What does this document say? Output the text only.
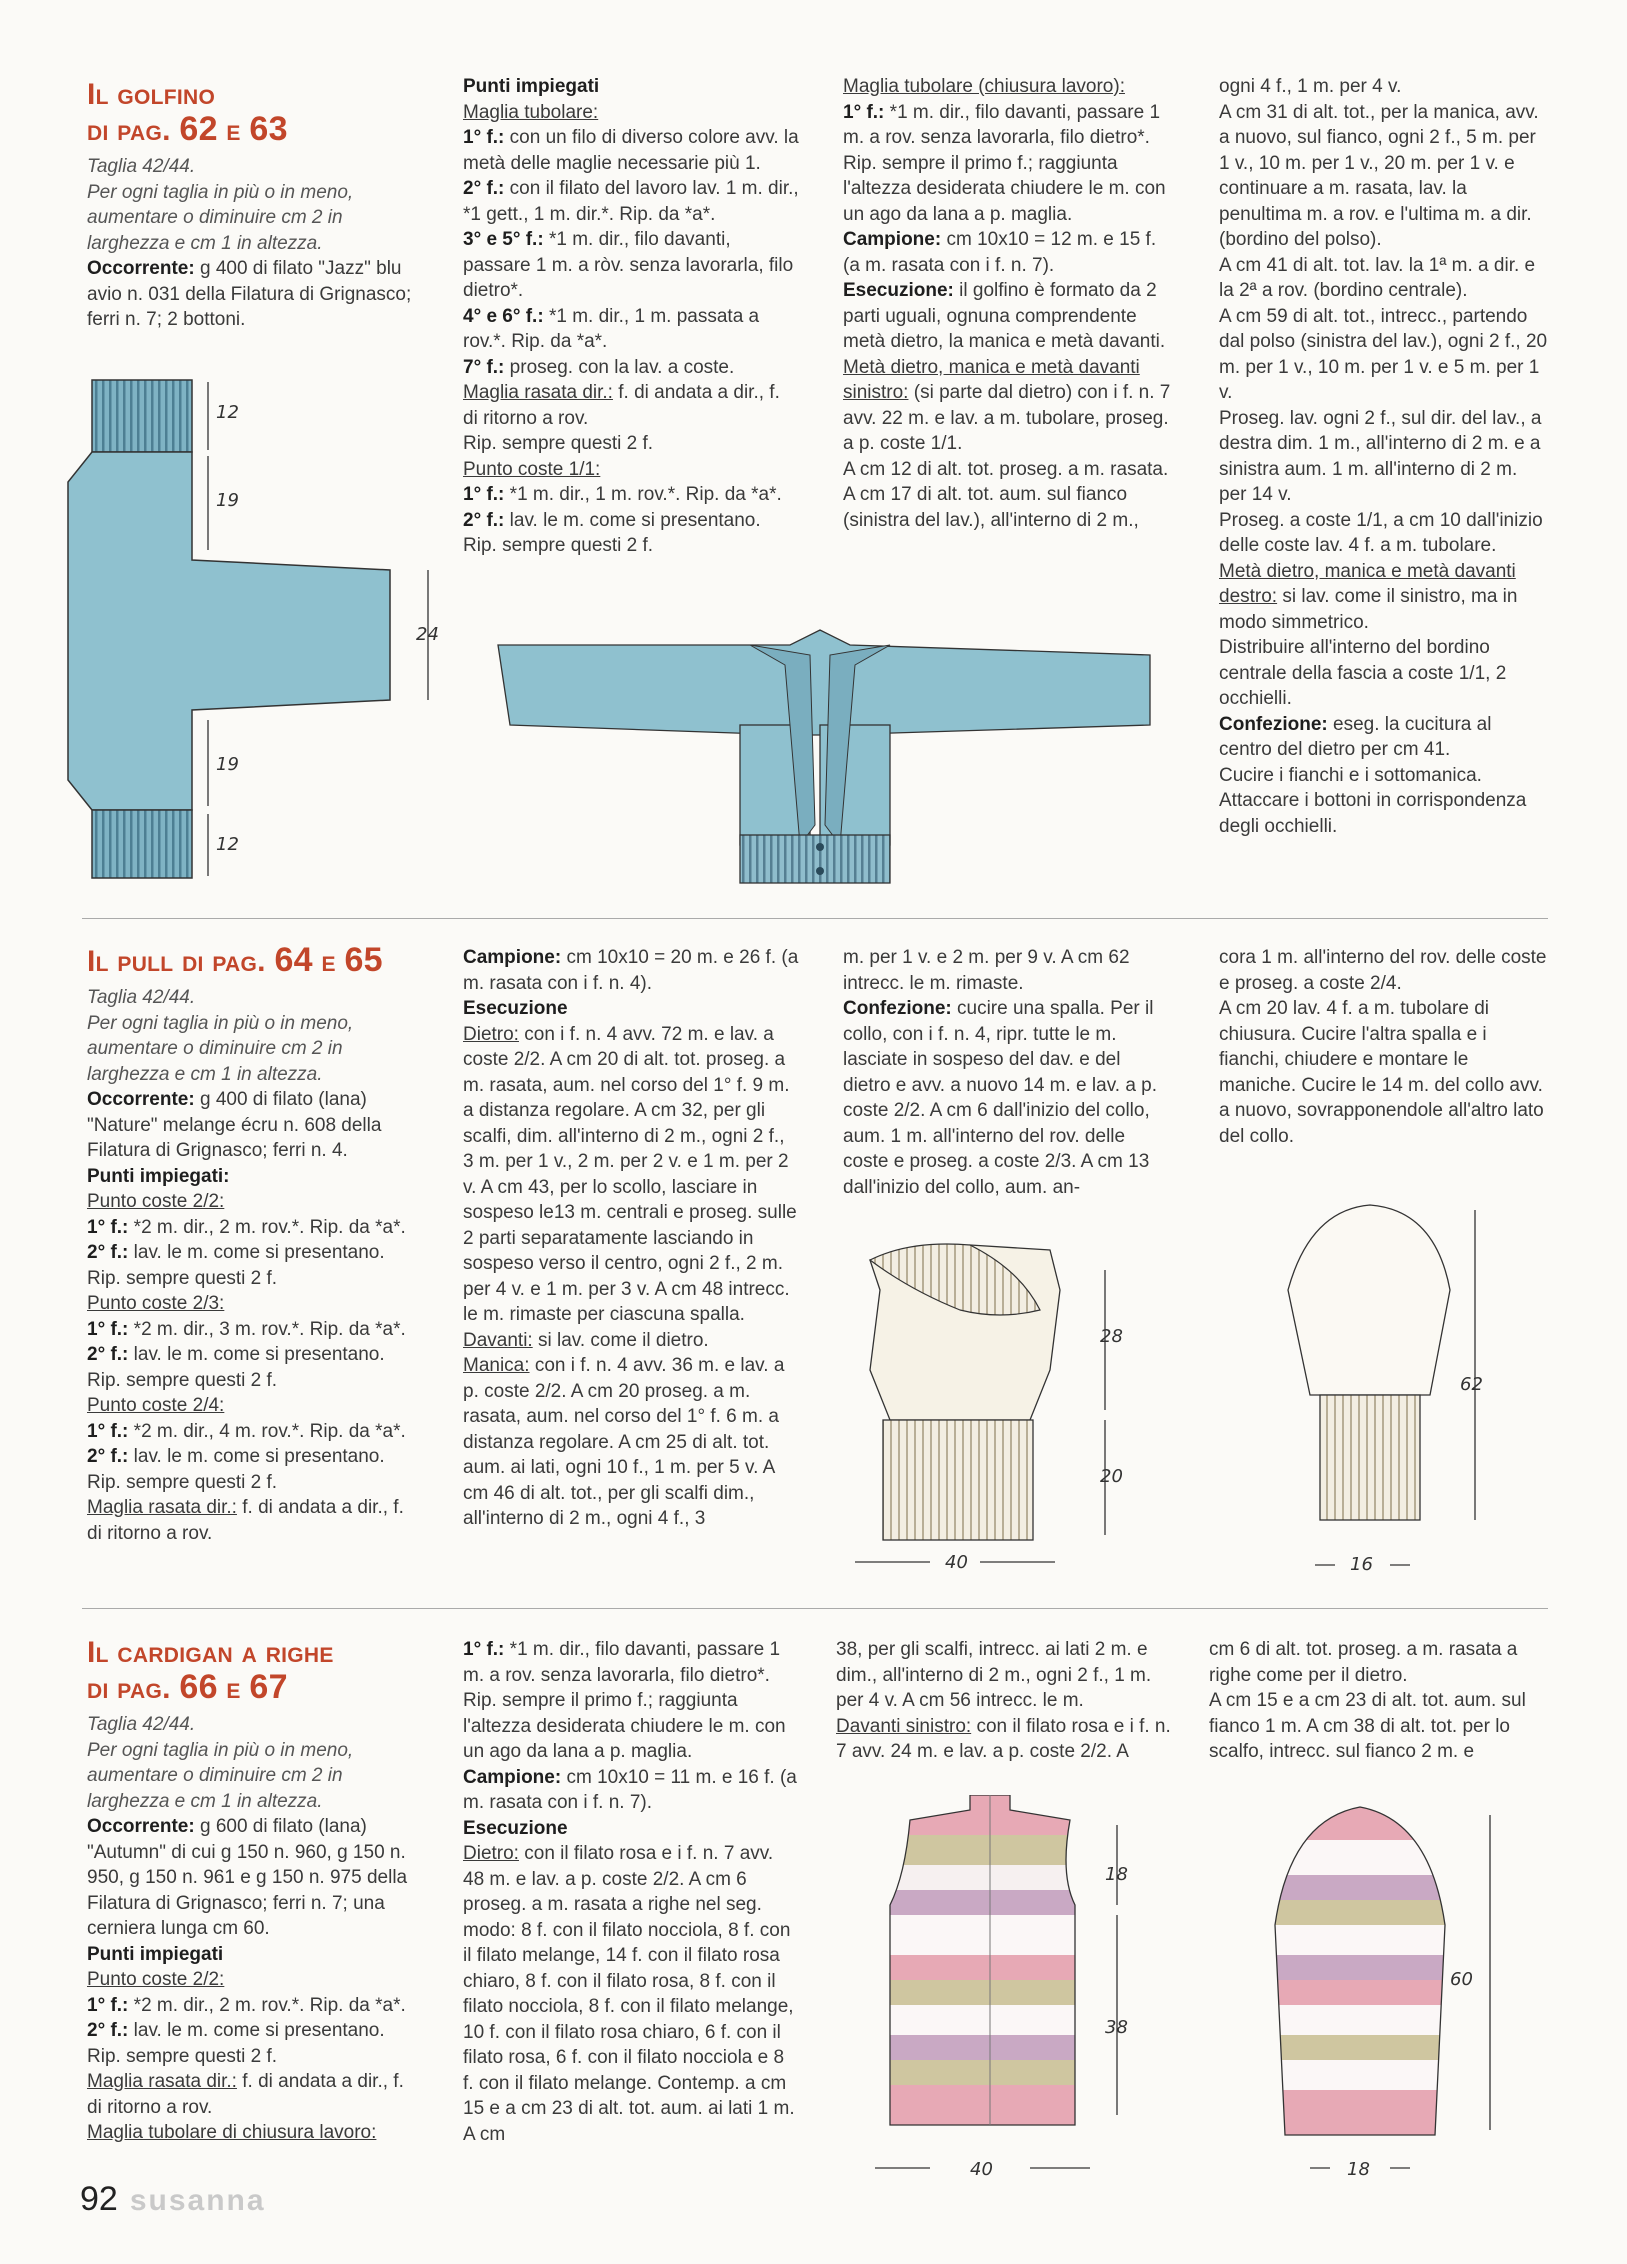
Il golfino
di pag. 62 e 63

Taglia 42/44.

Per ogni taglia in più o in meno, aumentare o diminuire cm 2 in larghezza e cm 1 in altezza.

Occorrente: g 400 di filato "Jazz" blu avio n. 031 della Filatura di Grignasco; ferri n. 7; 2 bottoni.

Punti impiegati

Maglia tubolare:

1° f.: con un filo di diverso colore avv. la metà delle maglie necessarie più 1.

2° f.: con il filato del lavoro lav. 1 m. dir., *1 gett., 1 m. dir.*. Rip. da *a*.

3° e 5° f.: *1 m. dir., filo davanti, passare 1 m. a ròv. senza lavorarla, filo dietro*.

4° e 6° f.: *1 m. dir., 1 m. passata a rov.*. Rip. da *a*.

7° f.: proseg. con la lav. a coste.

Maglia rasata dir.: f. di andata a dir., f. di ritorno a rov.

Rip. sempre questi 2 f.

Punto coste 1/1:

1° f.: *1 m. dir., 1 m. rov.*. Rip. da *a*.

2° f.: lav. le m. come si presentano.

Rip. sempre questi 2 f.

Maglia tubolare (chiusura lavoro):

1° f.: *1 m. dir., filo davanti, passare 1 m. a rov. senza lavorarla, filo dietro*. Rip. sempre il primo f.; raggiunta l'altezza desiderata chiudere le m. con un ago da lana a p. maglia.

Campione: cm 10x10 = 12 m. e 15 f. (a m. rasata con i f. n. 7).

Esecuzione: il golfino è formato da 2 parti uguali, ognuna comprendente metà dietro, la manica e metà davanti.

Metà dietro, manica e metà davanti sinistro: (si parte dal dietro) con i f. n. 7 avv. 22 m. e lav. a m. tubolare, proseg. a p. coste 1/1.

A cm 12 di alt. tot. proseg. a m. rasata.

A cm 17 di alt. tot. aum. sul fianco (sinistra del lav.), all'interno di 2 m.,

ogni 4 f., 1 m. per 4 v.

A cm 31 di alt. tot., per la manica, avv. a nuovo, sul fianco, ogni 2 f., 5 m. per 1 v., 10 m. per 1 v., 20 m. per 1 v. e continuare a m. rasata, lav. la penultima m. a rov. e l'ultima m. a dir. (bordino del polso).

A cm 41 di alt. tot. lav. la 1ª m. a dir. e la 2ª a rov. (bordino centrale).

A cm 59 di alt. tot., intrecc., partendo dal polso (sinistra del lav.), ogni 2 f., 20 m. per 1 v., 10 m. per 1 v. e 5 m. per 1 v.

Proseg. lav. ogni 2 f., sul dir. del lav., a destra dim. 1 m., all'interno di 2 m. e a sinistra aum. 1 m. all'interno di 2 m. per 14 v.

Proseg. a coste 1/1, a cm 10 dall'inizio delle coste lav. 4 f. a m. tubolare.

Metà dietro, manica e metà davanti destro: si lav. come il sinistro, ma in modo simmetrico.

Distribuire all'interno del bordino centrale della fascia a coste 1/1, 2 occhielli.

Confezione: eseg. la cucitura al centro del dietro per cm 41.

Cucire i fianchi e i sottomanica. Attaccare i bottoni in corrispondenza degli occhielli.

12
19
24
19
12
Il pull di pag. 64 e 65

Taglia 42/44.

Per ogni taglia in più o in meno, aumentare o diminuire cm 2 in larghezza e cm 1 in altezza.

Occorrente: g 400 di filato (lana) "Nature" melange écru n. 608 della Filatura di Grignasco; ferri n. 4.

Punti impiegati:

Punto coste 2/2:

1° f.: *2 m. dir., 2 m. rov.*. Rip. da *a*.

2° f.: lav. le m. come si presentano.

Rip. sempre questi 2 f.

Punto coste 2/3:

1° f.: *2 m. dir., 3 m. rov.*. Rip. da *a*.

2° f.: lav. le m. come si presentano.

Rip. sempre questi 2 f.

Punto coste 2/4:

1° f.: *2 m. dir., 4 m. rov.*. Rip. da *a*.

2° f.: lav. le m. come si presentano.

Rip. sempre questi 2 f.

Maglia rasata dir.: f. di andata a dir., f. di ritorno a rov.

Campione: cm 10x10 = 20 m. e 26 f. (a m. rasata con i f. n. 4).

Esecuzione

Dietro: con i f. n. 4 avv. 72 m. e lav. a coste 2/2. A cm 20 di alt. tot. proseg. a m. rasata, aum. nel corso del 1° f. 9 m. a distanza regolare. A cm 32, per gli scalfi, dim. all'interno di 2 m., ogni 2 f., 3 m. per 1 v., 2 m. per 2 v. e 1 m. per 2 v. A cm 43, per lo scollo, lasciare in sospeso le13 m. centrali e proseg. sulle 2 parti separatamente lasciando in sospeso verso il centro, ogni 2 f., 2 m. per 4 v. e 1 m. per 3 v. A cm 48 intrecc. le m. rimaste per ciascuna spalla.

Davanti: si lav. come il dietro.

Manica: con i f. n. 4 avv. 36 m. e lav. a p. coste 2/2. A cm 20 proseg. a m. rasata, aum. nel corso del 1° f. 6 m. a distanza regolare. A cm 25 di alt. tot. aum. ai lati, ogni 10 f., 1 m. per 5 v. A cm 46 di alt. tot., per gli scalfi dim., all'interno di 2 m., ogni 4 f., 3

m. per 1 v. e 2 m. per 9 v. A cm 62 intrecc. le m. rimaste.

Confezione: cucire una spalla. Per il collo, con i f. n. 4, ripr. tutte le m. lasciate in sospeso del dav. e del dietro e avv. a nuovo 14 m. e lav. a p. coste 2/2. A cm 6 dall'inizio del collo, aum. 1 m. all'interno del rov. delle coste e proseg. a coste 2/3. A cm 13 dall'inizio del collo, aum. an-

cora 1 m. all'interno del rov. delle coste e proseg. a coste 2/4.

A cm 20 lav. 4 f. a m. tubolare di chiusura. Cucire l'altra spalla e i fianchi, chiudere e montare le maniche. Cucire le 14 m. del collo avv. a nuovo, sovrapponendole all'altro lato del collo.

28
20
40
62
16
Il cardigan a righe
di pag. 66 e 67

Taglia 42/44.

Per ogni taglia in più o in meno, aumentare o diminuire cm 2 in larghezza e cm 1 in altezza.

Occorrente: g 600 di filato (lana) "Autumn" di cui g 150 n. 960, g 150 n. 950, g 150 n. 961 e g 150 n. 975 della Filatura di Grignasco; ferri n. 7; una cerniera lunga cm 60.

Punti impiegati

Punto coste 2/2:

1° f.: *2 m. dir., 2 m. rov.*. Rip. da *a*.

2° f.: lav. le m. come si presentano.

Rip. sempre questi 2 f.

Maglia rasata dir.: f. di andata a dir., f. di ritorno a rov.

Maglia tubolare di chiusura lavoro:

1° f.: *1 m. dir., filo davanti, passare 1 m. a rov. senza lavorarla, filo dietro*. Rip. sempre il primo f.; raggiunta l'altezza desiderata chiudere le m. con un ago da lana a p. maglia.

Campione: cm 10x10 = 11 m. e 16 f. (a m. rasata con i f. n. 7).

Esecuzione

Dietro: con il filato rosa e i f. n. 7 avv. 48 m. e lav. a p. coste 2/2. A cm 6 proseg. a m. rasata a righe nel seg. modo: 8 f. con il filato nocciola, 8 f. con il filato melange, 14 f. con il filato rosa chiaro, 8 f. con il filato rosa, 8 f. con il filato nocciola, 8 f. con il filato melange, 10 f. con il filato rosa chiaro, 6 f. con il filato rosa, 6 f. con il filato nocciola e 8 f. con il filato melange. Contemp. a cm 15 e a cm 23 di alt. tot. aum. ai lati 1 m. A cm

38, per gli scalfi, intrecc. ai lati 2 m. e dim., all'interno di 2 m., ogni 2 f., 1 m. per 4 v. A cm 56 intrecc. le m.

Davanti sinistro: con il filato rosa e i f. n. 7 avv. 24 m. e lav. a p. coste 2/2. A

cm 6 di alt. tot. proseg. a m. rasata a righe come per il dietro.

A cm 15 e a cm 23 di alt. tot. aum. sul fianco 1 m. A cm 38 di alt. tot. per lo scalfo, intrecc. sul fianco 2 m. e

18
38
40
60
18
92 susanna
